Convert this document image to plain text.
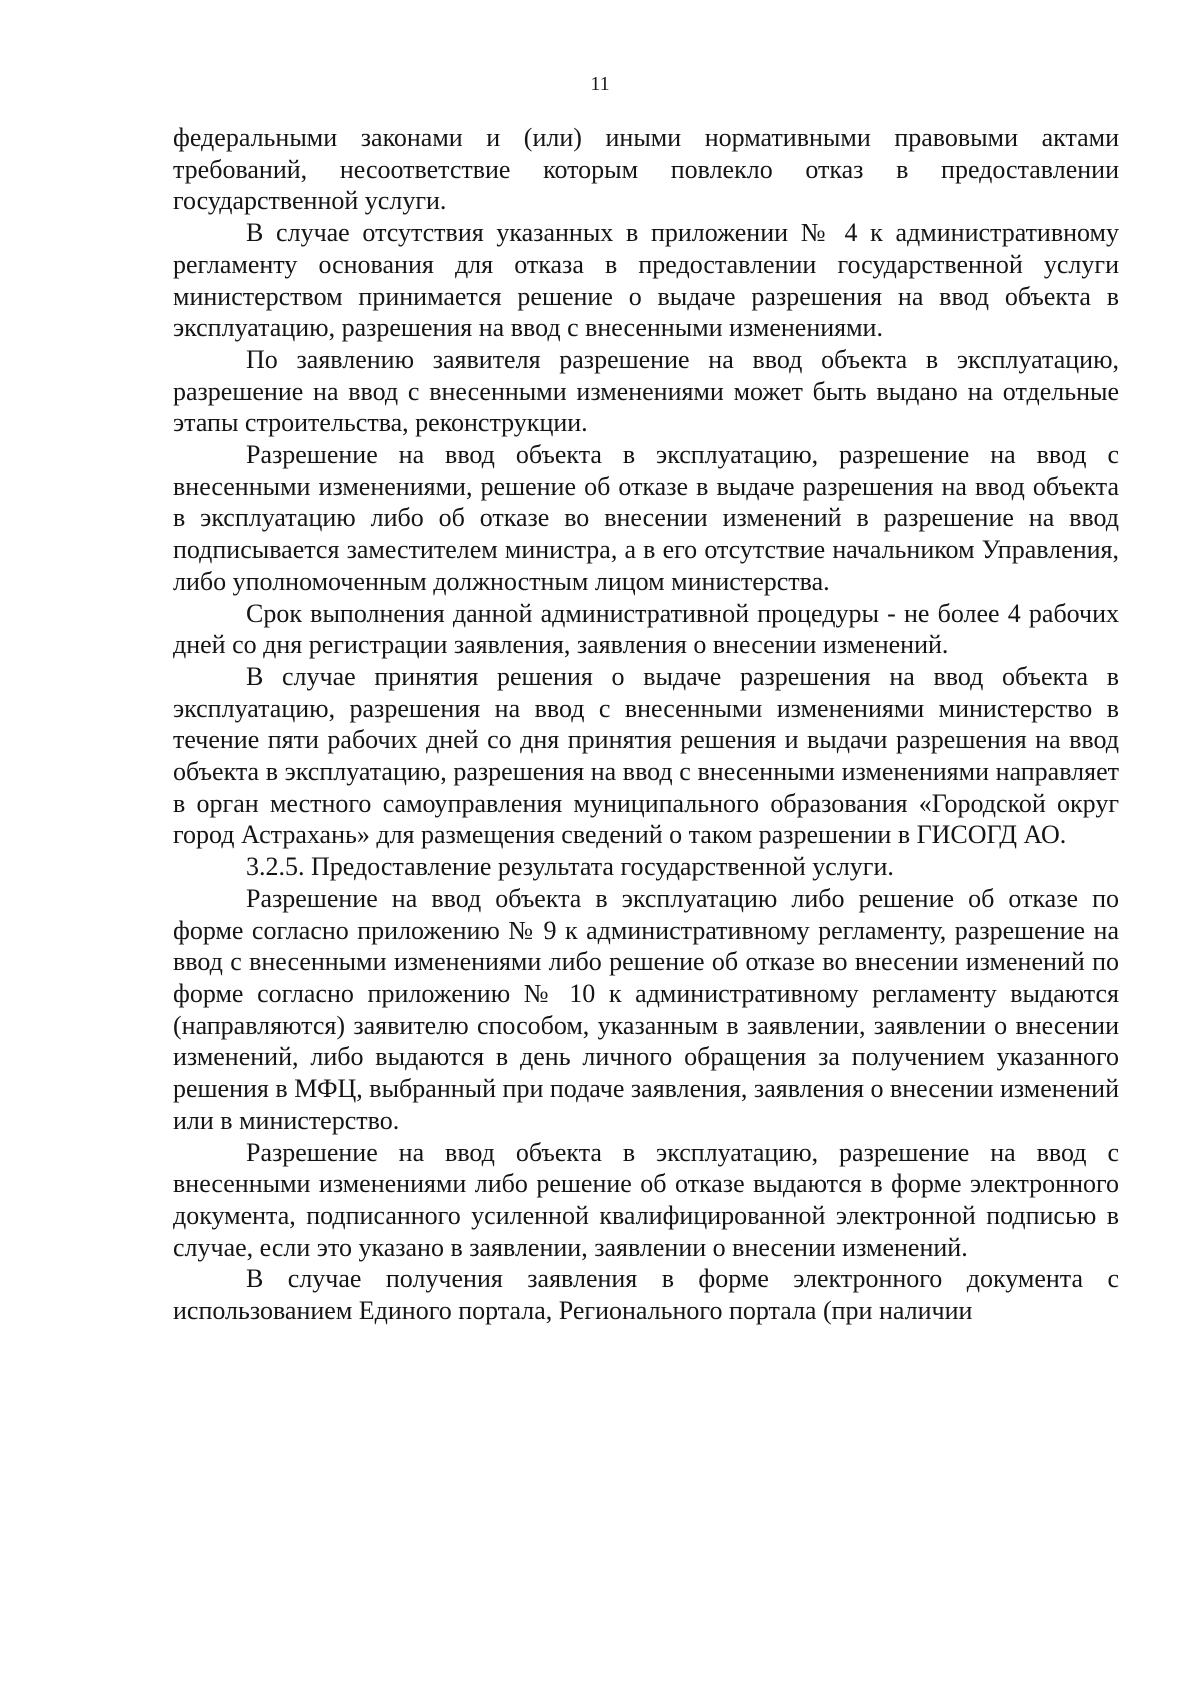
11

федеральными законами и (или) иными нормативными правовыми актами требований, несоответствие которым повлекло отказ в предоставлении государственной услуги.

В случае отсутствия указанных в приложении № 4 к административному регламенту основания для отказа в предоставлении государственной услуги министерством принимается решение о выдаче разрешения на ввод объекта в эксплуатацию, разрешения на ввод с внесенными изменениями.

По заявлению заявителя разрешение на ввод объекта в эксплуатацию, разрешение на ввод с внесенными изменениями может быть выдано на отдельные этапы строительства, реконструкции.

Разрешение на ввод объекта в эксплуатацию, разрешение на ввод с внесенными изменениями, решение об отказе в выдаче разрешения на ввод объекта в эксплуатацию либо об отказе во внесении изменений в разрешение на ввод подписывается заместителем министра, а в его отсутствие начальником Управления, либо уполномоченным должностным лицом министерства.

Срок выполнения данной административной процедуры - не более 4 рабочих дней со дня регистрации заявления, заявления о внесении изменений.

В случае принятия решения о выдаче разрешения на ввод объекта в эксплуатацию, разрешения на ввод с внесенными изменениями министерство в течение пяти рабочих дней со дня принятия решения и выдачи разрешения на ввод объекта в эксплуатацию, разрешения на ввод с внесенными изменениями направляет в орган местного самоуправления муниципального образования «Городской округ город Астрахань» для размещения сведений о таком разрешении в ГИСОГД АО.

3.2.5. Предоставление результата государственной услуги.

Разрешение на ввод объекта в эксплуатацию либо решение об отказе по форме согласно приложению № 9 к административному регламенту, разрешение на ввод с внесенными изменениями либо решение об отказе во внесении изменений по форме согласно приложению № 10 к административному регламенту выдаются (направляются) заявителю способом, указанным в заявлении, заявлении о внесении изменений, либо выдаются в день личного обращения за получением указанного решения в МФЦ, выбранный при подаче заявления, заявления о внесении изменений или в министерство.

Разрешение на ввод объекта в эксплуатацию, разрешение на ввод с внесенными изменениями либо решение об отказе выдаются в форме электронного документа, подписанного усиленной квалифицированной электронной подписью в случае, если это указано в заявлении, заявлении о внесении изменений.

В случае получения заявления в форме электронного документа с использованием Единого портала, Регионального портала (при наличии
